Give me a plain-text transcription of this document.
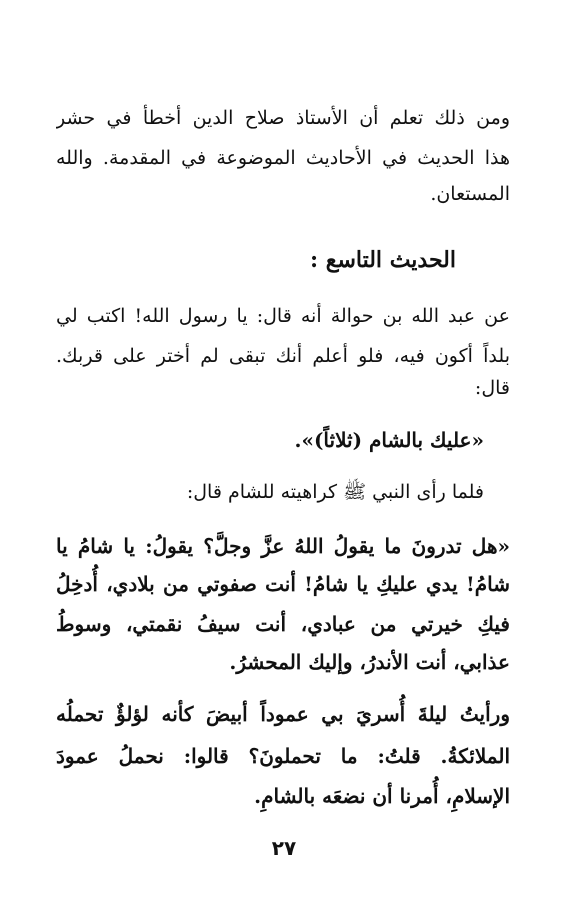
ومن ذلك تعلم أن الأستاذ صلاح الدين أخطأ في حشر
هذا الحديث في الأحاديث الموضوعة في المقدمة. والله
المستعان.
الحديث التاسع :
عن عبد الله بن حوالة أنه قال: يا رسول الله! اكتب لي
بلداً أكون فيه، فلو أعلم أنك تبقى لم أختر على قربك.
قال:
«عليك بالشام (ثلاثاً)».
فلما رأى النبي ﷺ كراهيته للشام قال:
«هل تدرونَ ما يقولُ اللهُ عزَّ وجلَّ؟ يقولُ: يا شامُ يا
شامُ! يدي عليكِ يا شامُ! أنت صفوتي من بلادي، أُدخِلُ
فيكِ خيرتي من عبادي، أنت سيفُ نقمتي، وسوطُ
عذابي، أنت الأندرُ، وإليك المحشرُ.
ورأيتُ ليلةَ أُسريَ بي عموداً أبيضَ كأنه لؤلؤٌ تحملُه
الملائكةُ. قلتُ: ما تحملونَ؟ قالوا: نحملُ عمودَ
الإسلامِ، أُمرنا أن نضعَه بالشامِ.
٢٧
